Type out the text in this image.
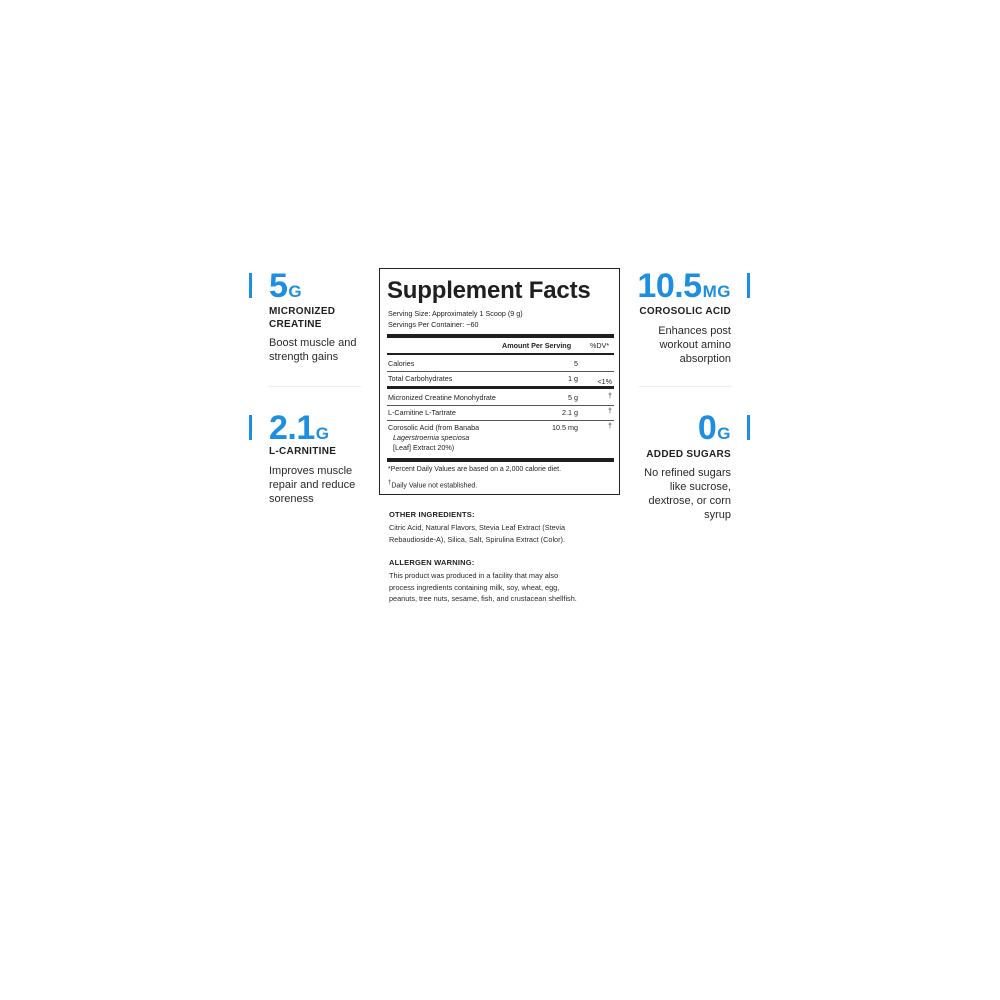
5G
MICRONIZED
CREATINE
Boost muscle and
strength gains
2.1G
L-CARNITINE
Improves muscle
repair and reduce
soreness
Supplement Facts
Serving Size: Approximately 1 Scoop (9 g)
Servings Per Container: ~60
Amount Per Serving	%DV*
Calories	5
Total Carbohydrates	1 g	<1%
Micronized Creatine Monohydrate	5 g	†
L-Carnitine L-Tartrate	2.1 g	†
Corosolic Acid (from Banaba
Lagerstroemia speciosa
[Leaf] Extract 20%)
10.5 mg	†
*Percent Daily Values are based on a 2,000 calorie diet.
†Daily Value not established.
OTHER INGREDIENTS:
Citric Acid, Natural Flavors, Stevia Leaf Extract (Stevia
Rebaudioside-A), Silica, Salt, Spirulina Extract (Color).
ALLERGEN WARNING:
This product was produced in a facility that may also
process ingredients containing milk, soy, wheat, egg,
peanuts, tree nuts, sesame, fish, and crustacean shellfish.
10.5MG
COROSOLIC ACID
Enhances post
workout amino
absorption
0G
ADDED SUGARS
No refined sugars
like sucrose,
dextrose, or corn
syrup
